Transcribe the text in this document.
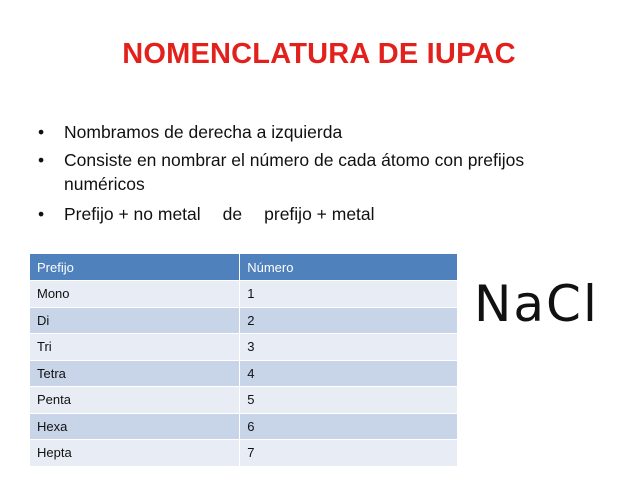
NOMENCLATURA DE IUPAC
• Nombramos de derecha a izquierda
• Consiste en nombrar el número de cada átomo con prefijos
numéricos
• Prefijo + no metal de prefijo + metal
Prefijo	Número
Mono	1
Di	2
Tri	3
Tetra	4
Penta	5
Hexa	6
Hepta	7
NaCl
